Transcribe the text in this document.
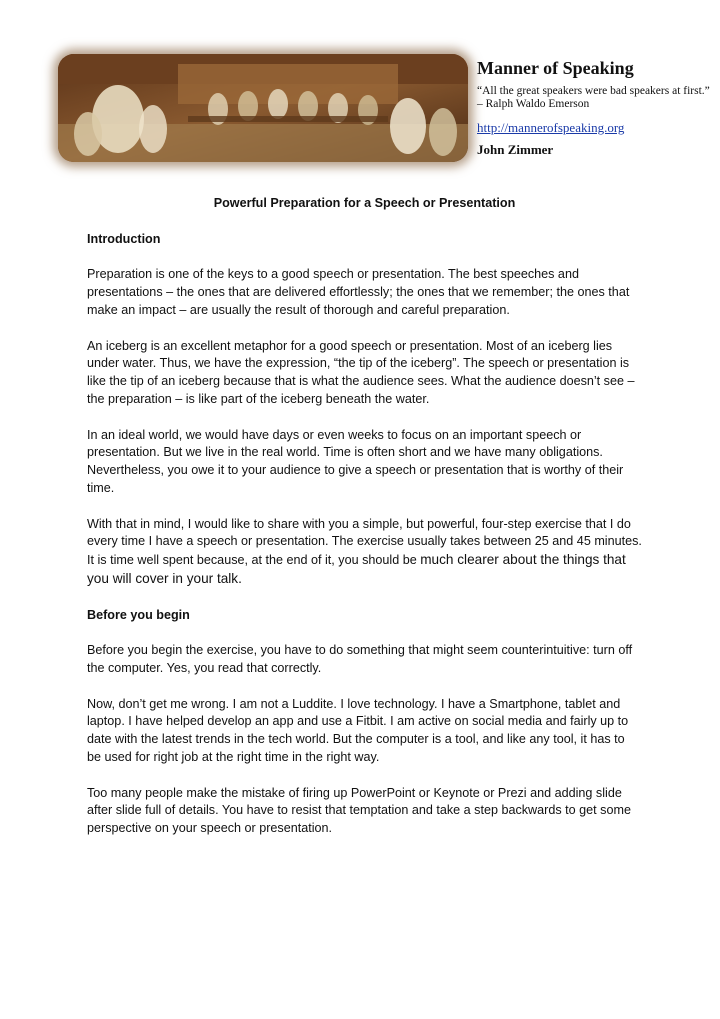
Manner of Speaking
“All the great speakers were bad speakers at first.” – Ralph Waldo Emerson
http://mannerofspeaking.org
John Zimmer
Powerful Preparation for a Speech or Presentation
Introduction

Preparation is one of the keys to a good speech or presentation. The best speeches and presentations – the ones that are delivered effortlessly; the ones that we remember; the ones that make an impact – are usually the result of thorough and careful preparation.

An iceberg is an excellent metaphor for a good speech or presentation. Most of an iceberg lies under water. Thus, we have the expression, “the tip of the iceberg”. The speech or presentation is like the tip of an iceberg because that is what the audience sees. What the audience doesn’t see – the preparation – is like part of the iceberg beneath the water.

In an ideal world, we would have days or even weeks to focus on an important speech or presentation. But we live in the real world. Time is often short and we have many obligations. Nevertheless, you owe it to your audience to give a speech or presentation that is worthy of their time.

With that in mind, I would like to share with you a simple, but powerful, four-step exercise that I do every time I have a speech or presentation. The exercise usually takes between 25 and 45 minutes. It is time well spent because, at the end of it, you should be much clearer about the things that you will cover in your talk.

Before you begin

Before you begin the exercise, you have to do something that might seem counterintuitive: turn off the computer. Yes, you read that correctly.

Now, don’t get me wrong. I am not a Luddite. I love technology. I have a Smartphone, tablet and laptop. I have helped develop an app and use a Fitbit. I am active on social media and fairly up to date with the latest trends in the tech world. But the computer is a tool, and like any tool, it has to be used for right job at the right time in the right way.

Too many people make the mistake of firing up PowerPoint or Keynote or Prezi and adding slide after slide full of details. You have to resist that temptation and take a step backwards to get some perspective on your speech or presentation.
